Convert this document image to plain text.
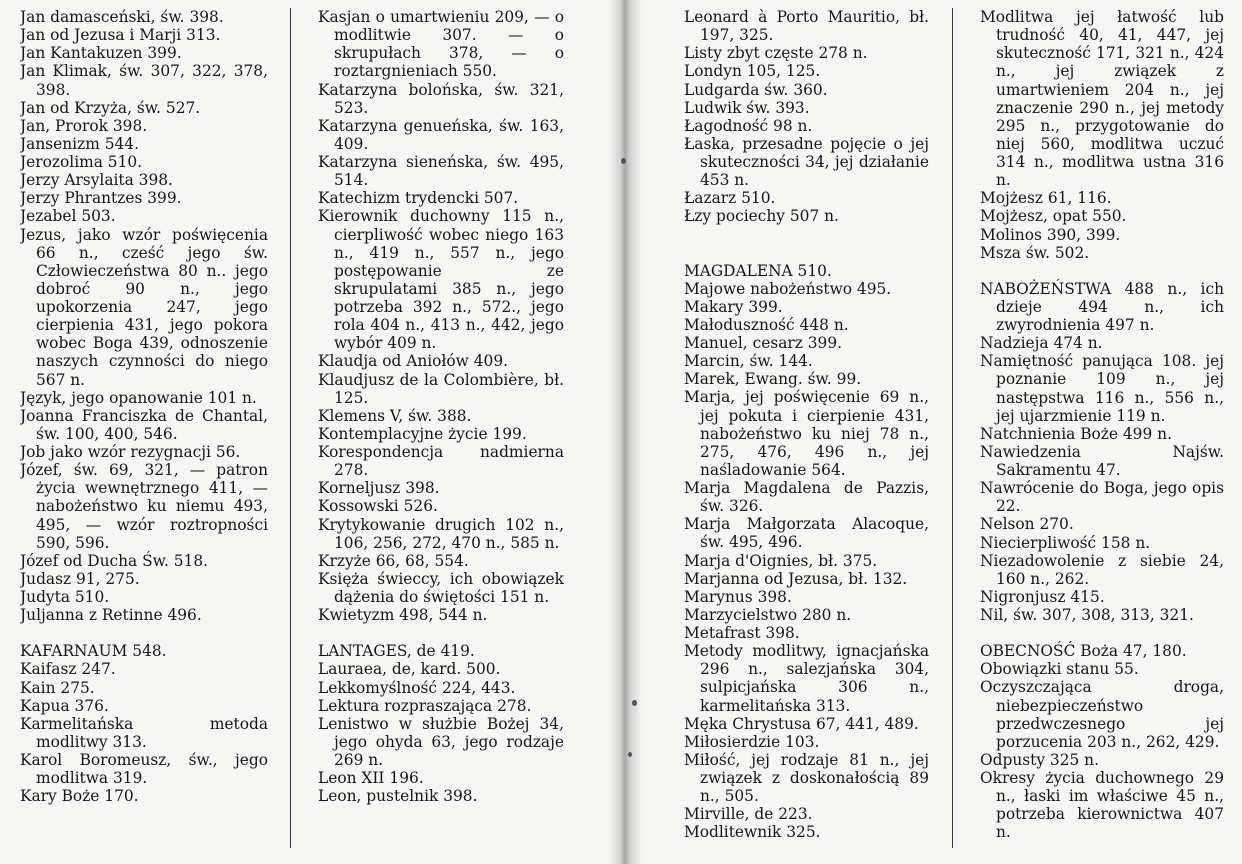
Jan damasceński, św. 398.
Jan od Jezusa i Marji 313.
Jan Kantakuzen 399.
Jan Klimak, św. 307, 322, 378, 398.
Jan od Krzyża, św. 527.
Jan, Prorok 398.
Jansenizm 544.
Jerozolima 510.
Jerzy Arsylaita 398.
Jerzy Phrantzes 399.
Jezabel 503.
Jezus, jako wzór poświęcenia 66 n., cześć jego św. Człowieczeństwa 80 n.. jego dobroć 90 n., jego upokorzenia 247, jego cierpienia 431, jego pokora wobec Boga 439, odnoszenie naszych czynności do niego 567 n.
Język, jego opanowanie 101 n.
Joanna Franciszka de Chantal, św. 100, 400, 546.
Job jako wzór rezygnacji 56.
Józef, św. 69, 321, — patron życia wewnętrznego 411, — nabożeństwo ku niemu 493, 495, — wzór roztropności 590, 596.
Józef od Ducha Św. 518.
Judasz 91, 275.
Judyta 510.
Juljanna z Retinne 496.
KAFARNAUM 548.
Kaifasz 247.
Kain 275.
Kapua 376.
Karmelitańska metoda modlitwy 313.
Karol Boromeusz, św., jego modlitwa 319.
Kary Boże 170.
Kasjan o umartwieniu 209, — o modlitwie 307. — o skrupułach 378, — o roztargnieniach 550.
Katarzyna bolońska, św. 321, 523.
Katarzyna genueńska, św. 163, 409.
Katarzyna sieneńska, św. 495, 514.
Katechizm trydencki 507.
Kierownik duchowny 115 n., cierpliwość wobec niego 163 n., 419 n., 557 n., jego postępowanie ze skrupulatami 385 n., jego potrzeba 392 n., 572., jego rola 404 n., 413 n., 442, jego wybór 409 n.
Klaudja od Aniołów 409.
Klaudjusz de la Colombière, bł. 125.
Klemens V, św. 388.
Kontemplacyjne życie 199.
Korespondencja nadmierna 278.
Korneljusz 398.
Kossowski 526.
Krytykowanie drugich 102 n., 106, 256, 272, 470 n., 585 n.
Krzyże 66, 68, 554.
Księża świeccy, ich obowiązek dążenia do świętości 151 n.
Kwietyzm 498, 544 n.
LANTAGES, de 419.
Lauraea, de, kard. 500.
Lekkomyślność 224, 443.
Lektura rozpraszająca 278.
Lenistwo w służbie Bożej 34, jego ohyda 63, jego rodzaje 269 n.
Leon XII 196.
Leon, pustelnik 398.
Leonard à Porto Mauritio, bł. 197, 325.
Listy zbyt częste 278 n.
Londyn 105, 125.
Ludgarda św. 360.
Ludwik św. 393.
Łagodność 98 n.
Łaska, przesadne pojęcie o jej skuteczności 34, jej działanie 453 n.
Łazarz 510.
Łzy pociechy 507 n.
MAGDALENA 510.
Majowe nabożeństwo 495.
Makary 399.
Małoduszność 448 n.
Manuel, cesarz 399.
Marcin, św. 144.
Marek, Ewang. św. 99.
Marja, jej poświęcenie 69 n., jej pokuta i cierpienie 431, nabożeństwo ku niej 78 n., 275, 476, 496 n., jej naśladowanie 564.
Marja Magdalena de Pazzis, św. 326.
Marja Małgorzata Alacoque, św. 495, 496.
Marja d'Oignies, bł. 375.
Marjanna od Jezusa, bł. 132.
Marynus 398.
Marzycielstwo 280 n.
Metafrast 398.
Metody modlitwy, ignacjańska 296 n., salezjańska 304, sulpicjańska 306 n., karmelitańska 313.
Męka Chrystusa 67, 441, 489.
Miłosierdzie 103.
Miłość, jej rodzaje 81 n., jej związek z doskonałością 89 n., 505.
Mirville, de 223.
Modlitewnik 325.
Modlitwa jej łatwość lub trudność 40, 41, 447, jej skuteczność 171, 321 n., 424 n., jej związek z umartwieniem 204 n., jej znaczenie 290 n., jej metody 295 n., przygotowanie do niej 560, modlitwa uczuć 314 n., modlitwa ustna 316 n.
Mojżesz 61, 116.
Mojżesz, opat 550.
Molinos 390, 399.
Msza św. 502.
NABOŻEŃSTWA 488 n., ich dzieje 494 n., ich zwyrodnienia 497 n.
Nadzieja 474 n.
Namiętność panująca 108. jej poznanie 109 n., jej następstwa 116 n., 556 n., jej ujarzmienie 119 n.
Natchnienia Boże 499 n.
Nawiedzenia Najśw. Sakramentu 47.
Nawrócenie do Boga, jego opis 22.
Nelson 270.
Niecierpliwość 158 n.
Niezadowolenie z siebie 24, 160 n., 262.
Nigronjusz 415.
Nil, św. 307, 308, 313, 321.
OBECNOŚĆ Boża 47, 180.
Obowiązki stanu 55.
Oczyszczająca droga, niebezpieczeństwo przedwczesnego jej porzucenia 203 n., 262, 429.
Odpusty 325 n.
Okresy życia duchownego 29 n., łaski im właściwe 45 n., potrzeba kierownictwa 407 n.
